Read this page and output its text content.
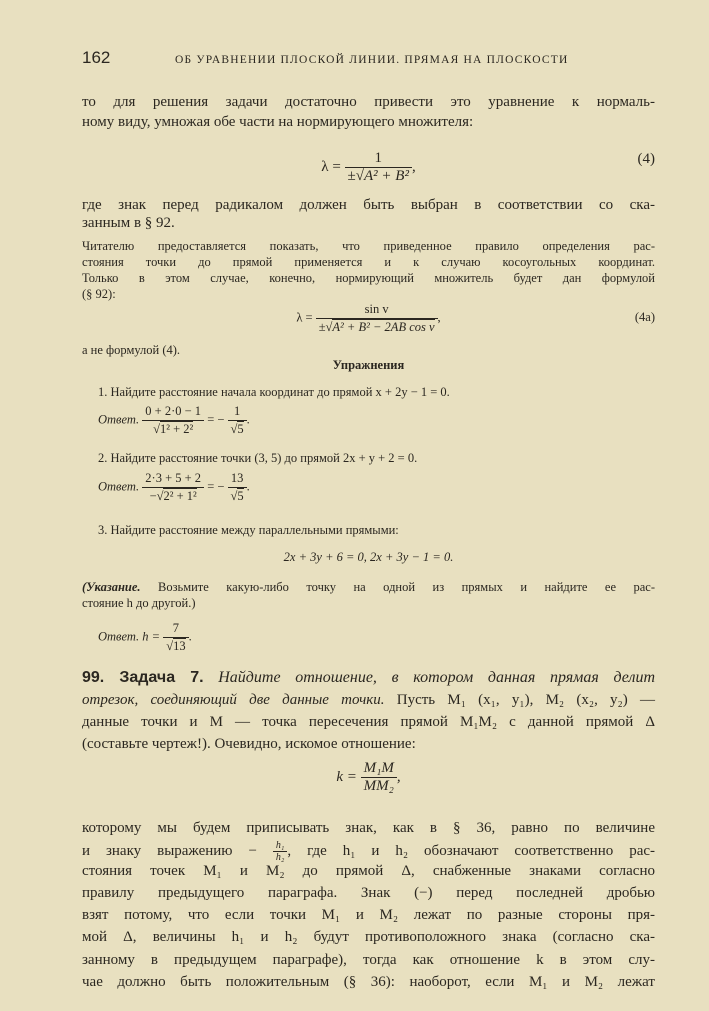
162	ОБ УРАВНЕНИИ ПЛОСКОЙ ЛИНИИ. ПРЯМАЯ НА ПЛОСКОСТИ
то для решения задачи достаточно привести это уравнение к нормаль-
ному виду, умножая обе части на нормирующего множителя:
$\lambda = \frac{1}{\text{±√A² + B²}}$ ,	(4)
где знак перед радикалом должен быть выбран в соответствии со ска-
занным в § 92.
Читателю предоставляется показать, что приведенное правило определения рас-
стояния точки до прямой применяется и к случаю косоугольных координат.
Только в этом случае, конечно, нормирующий множитель будет дан формулой
(§ 92):
$\lambda = \frac{\text{sin v}}{\text{±√A² + B² − 2AB cos v}}$ ,	(4a)
а не формулой (4).
Упражнения
1. Найдите расстояние начала координат до прямой x + 2y − 1 = 0.
Ответ. $\frac{0 + 2\cdot 0 - 1}{\text{√1² + 2²}}$ = − $\frac{1}{√5}$ .
2. Найдите расстояние точки (3, 5) до прямой 2x + y + 2 = 0.
Ответ. $\frac{2\cdot 3 + 5 + 2}{\text{−√2² + 1²}}$ = − $\frac{13}{√5}$ .
3. Найдите расстояние между параллельными прямыми:
2x + 3y + 6 = 0, 2x + 3y − 1 = 0.
(Указание. Возьмите какую-либо точку на одной из прямых и найдите ее рас-
стояние h до другой.)
Ответ. $h = \frac{7}{√13}$ .
99. Задача 7. Найдите отношение, в котором данная прямая делит
отрезок, соединяющий две данные точки. Пусть M₁ (x₁, y₁), M₂ (x₂, y₂) —
данные точки и M — точка пересечения прямой M₁M₂ с данной прямой Δ
(составьте чертеж!). Очевидно, искомое отношение:
$k = \frac{\text{M₁M}}{\text{MM₂}}$ ,
которому мы будем приписывать знак, как в § 36, равно по величине
и знаку выражению − $\frac{\text{h₁}}{\text{h₂}}$ , где h₁ и h₂ обозначают соответственно рас-
стояния точек M₁ и M₂ до прямой Δ, снабженные знаками согласно
правилу предыдущего параграфа. Знак (−) перед последней дробью
взят потому, что если точки M₁ и M₂ лежат по разные стороны пря-
мой Δ, величины h₁ и h₂ будут противоположного знака (согласно ска-
занному в предыдущем параграфе), тогда как отношение k в этом слу-
чае должно быть положительным (§ 36): наоборот, если M₁ и M₂ лежат
